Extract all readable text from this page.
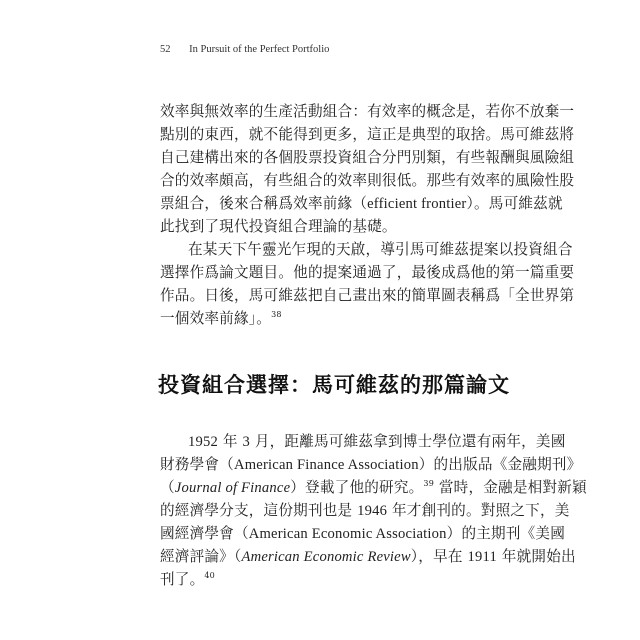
52 In Pursuit of the Perfect Portfolio
效率與無效率的生產活動組合：有效率的概念是，若你不放棄一
點別的東西，就不能得到更多，這正是典型的取捨。馬可維茲將
自己建構出來的各個股票投資組合分門別類，有些報酬與風險組
合的效率頗高，有些組合的效率則很低。那些有效率的風險性股
票組合，後來合稱爲效率前緣（efficient frontier）。馬可維茲就
此找到了現代投資組合理論的基礎。
在某天下午靈光乍現的天啟，導引馬可維茲提案以投資組合
選擇作爲論文題目。他的提案通過了，最後成爲他的第一篇重要
作品。日後，馬可維茲把自己畫出來的簡單圖表稱爲「全世界第
一個效率前緣」。$^{38}$
投資組合選擇：馬可維茲的那篇論文
1952 年 3 月，距離馬可維茲拿到博士學位還有兩年，美國
財務學會（American Finance Association）的出版品《金融期刊》
（Journal of Finance）登載了他的研究。$^{39}$ 當時，金融是相對新穎
的經濟學分支，這份期刊也是 1946 年才創刊的。對照之下，美
國經濟學會（American Economic Association）的主期刊《美國
經濟評論》（American Economic Review），早在 1911 年就開始出
刊了。$^{40}$
